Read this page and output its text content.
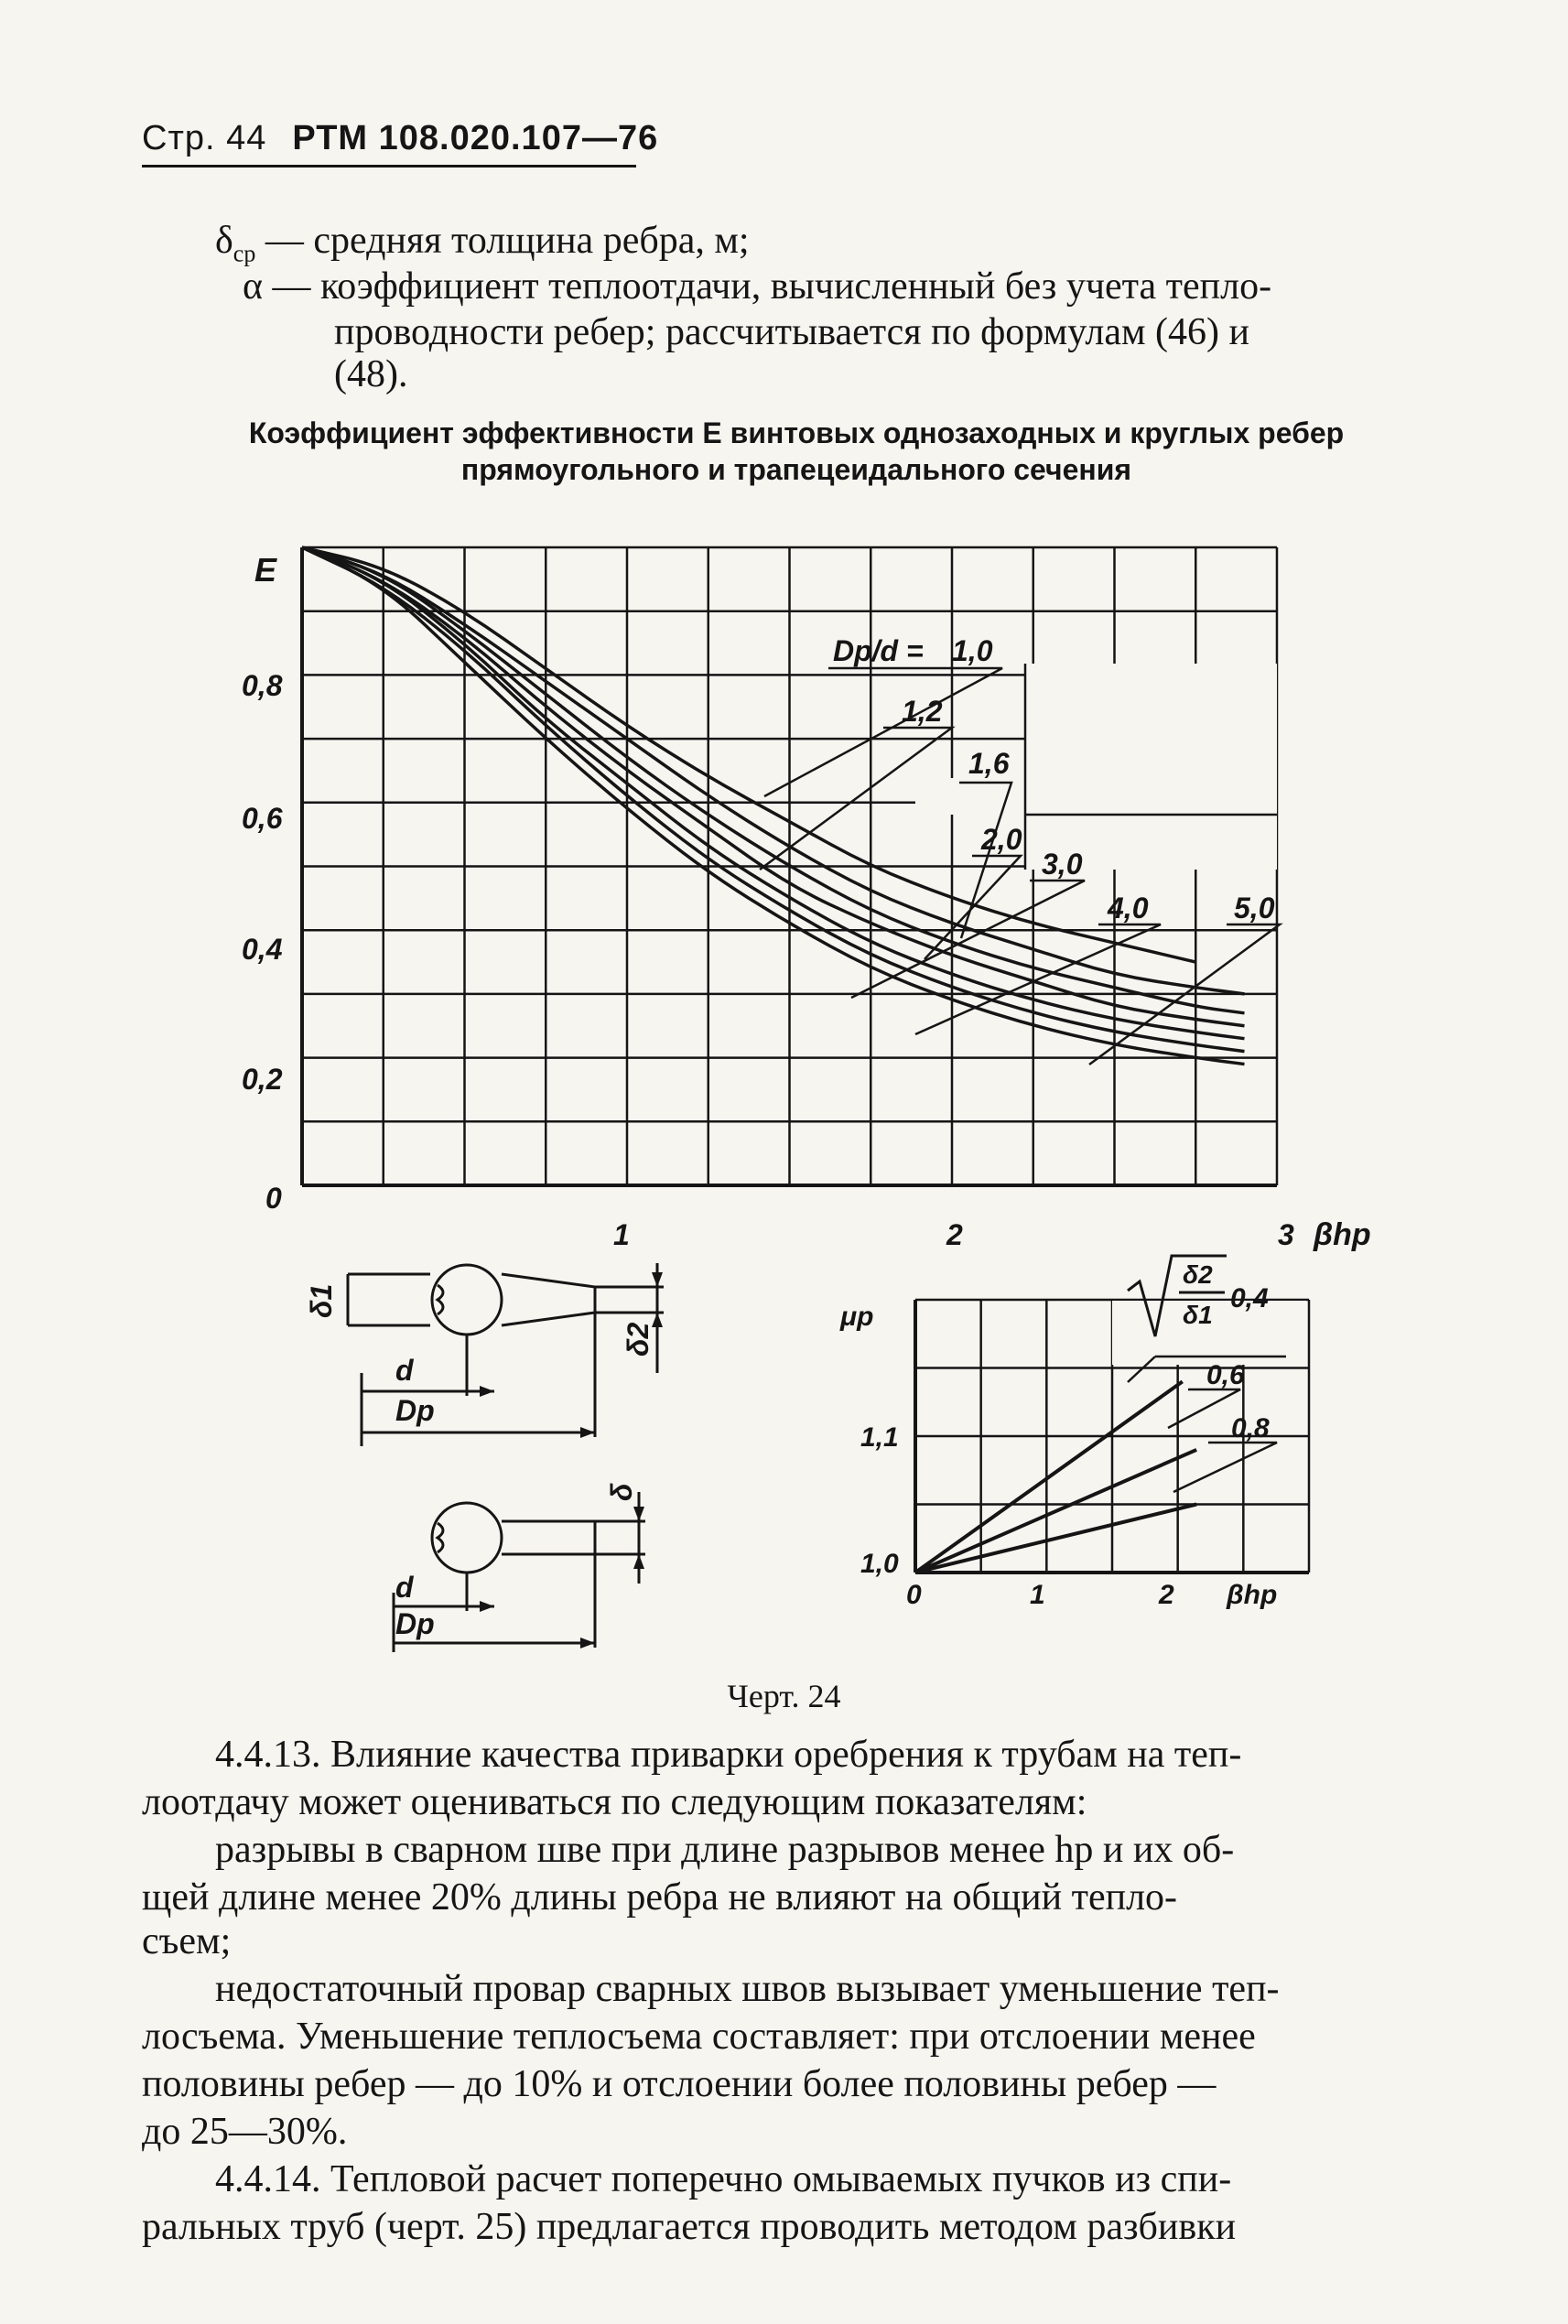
Стр. 44 РТМ 108.020.107—76
$\delta_{ср}$ — средняя толщина ребра, м;
α — коэффициент теплоотдачи, вычисленный без учета тепло-
проводности ребер; рассчитывается по формулам (46) и
(48).
Коэффициент эффективности E винтовых однозаходных и круглых ребер
прямоугольного и трапецеидального сечения
E
0,8
0,6
0,4
0,2
0
1	2	3 βhр
Dр/d = 1,0
1,2
1,6
2,0
3,0
4,0	5,0
μр
1,1
1,0
0	1	2 βhр
δ2
δ1
0,4
0,6
0,8
δ1
δ2
δ
d
Dp
d
Dp
Черт. 24
4.4.13. Влияние качества приварки оребрения к трубам на теп-
лоотдачу может оцениваться по следующим показателям:
разрывы в сварном шве при длине разрывов менее hр и их об-
щей длине менее 20% длины ребра не влияют на общий тепло-
съем;
недостаточный провар сварных швов вызывает уменьшение теп-
лосъема. Уменьшение теплосъема составляет: при отслоении менее
половины ребер — до 10% и отслоении более половины ребер —
до 25—30%.
4.4.14. Тепловой расчет поперечно омываемых пучков из спи-
ральных труб (черт. 25) предлагается проводить методом разбивки
